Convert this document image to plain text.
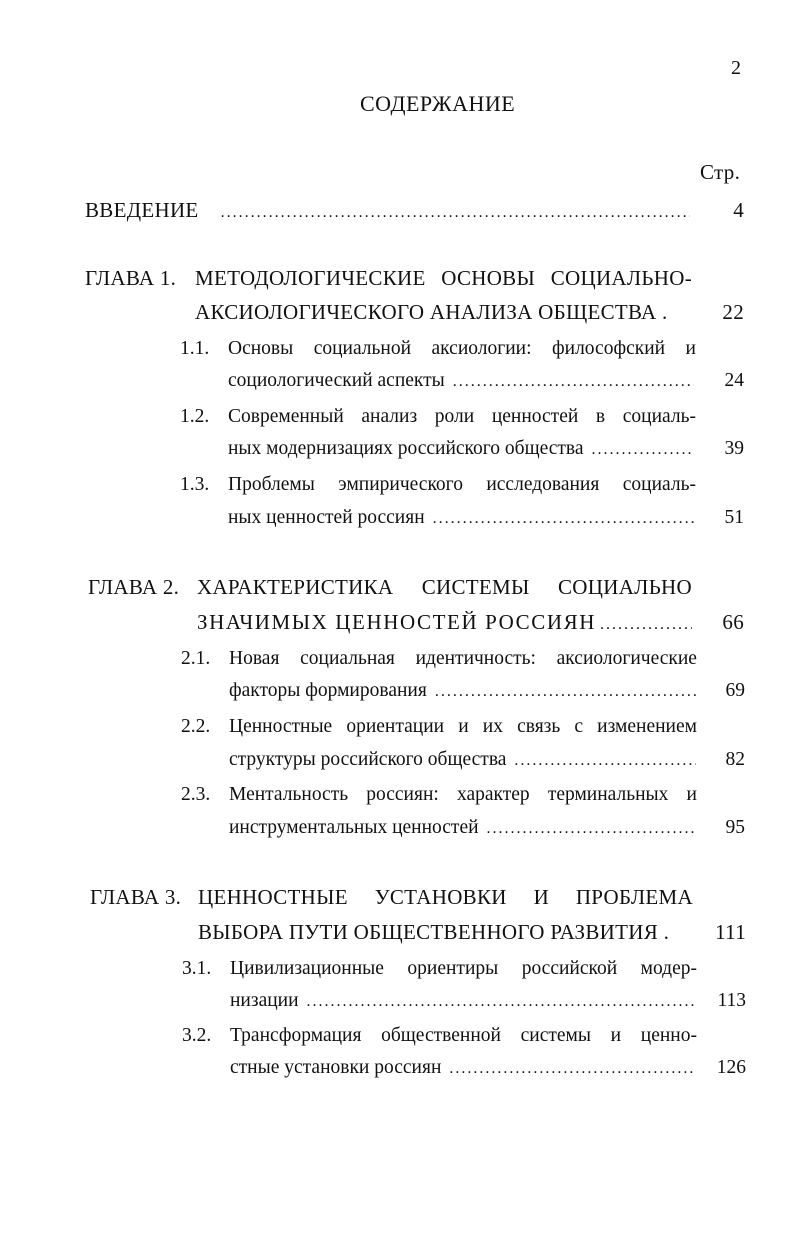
2
СОДЕРЖАНИЕ
Стр.
ВВЕДЕНИЕ .....	4
ГЛАВА 1. МЕТОДОЛОГИЧЕСКИЕ ОСНОВЫ СОЦИАЛЬНО-
АКСИОЛОГИЧЕСКОГО АНАЛИЗА ОБЩЕСТВА .	22
1.1. Основы социальной аксиологии: философский и
социологический аспекты .....	24
1.2. Современный анализ роли ценностей в социаль-
ных модернизациях российского общества .....	39
1.3. Проблемы эмпирического исследования социаль-
ных ценностей россиян .....	51
ГЛАВА 2. ХАРАКТЕРИСТИКА СИСТЕМЫ СОЦИАЛЬНО
ЗНАЧИМЫХ ЦЕННОСТЕЙ РОССИЯН .....	66
2.1. Новая социальная идентичность: аксиологические
факторы формирования .....	69
2.2. Ценностные ориентации и их связь с изменением
структуры российского общества .....	82
2.3. Ментальность россиян: характер терминальных и
инструментальных ценностей .....	95
ГЛАВА 3. ЦЕННОСТНЫЕ УСТАНОВКИ И ПРОБЛЕМА
ВЫБОРА ПУТИ ОБЩЕСТВЕННОГО РАЗВИТИЯ .	111
3.1. Цивилизационные ориентиры российской модер-
низации .....	113
3.2. Трансформация общественной системы и ценно-
стные установки россиян .....	126
